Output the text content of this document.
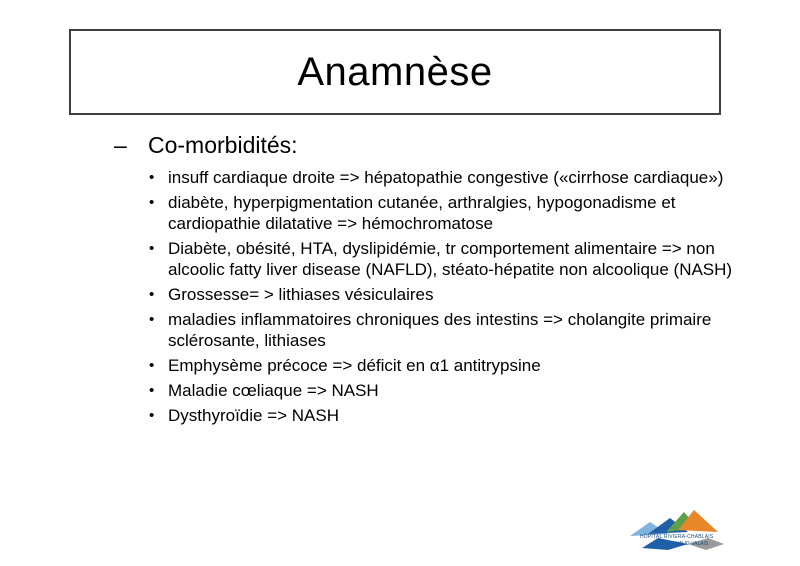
Anamnèse
– Co-morbidités:
• insuff cardiaque droite => hépatopathie congestive («cirrhose cardiaque»)
• diabète, hyperpigmentation cutanée, arthralgies, hypogonadisme et cardiopathie dilatative => hémochromatose
• Diabète, obésité, HTA, dyslipidémie, tr comportement alimentaire => non alcoolic fatty liver disease (NAFLD), stéato-hépatite non alcoolique (NASH)
• Grossesse= > lithiases vésiculaires
• maladies inflammatoires chroniques des intestins => cholangite primaire sclérosante, lithiases
• Emphysème précoce => déficit en α1 antitrypsine
• Maladie cœliaque => NASH
• Dysthyroïdie => NASH
HÔPITAL RIVIERA-CHABLAIS
VAUD-VALAIS
